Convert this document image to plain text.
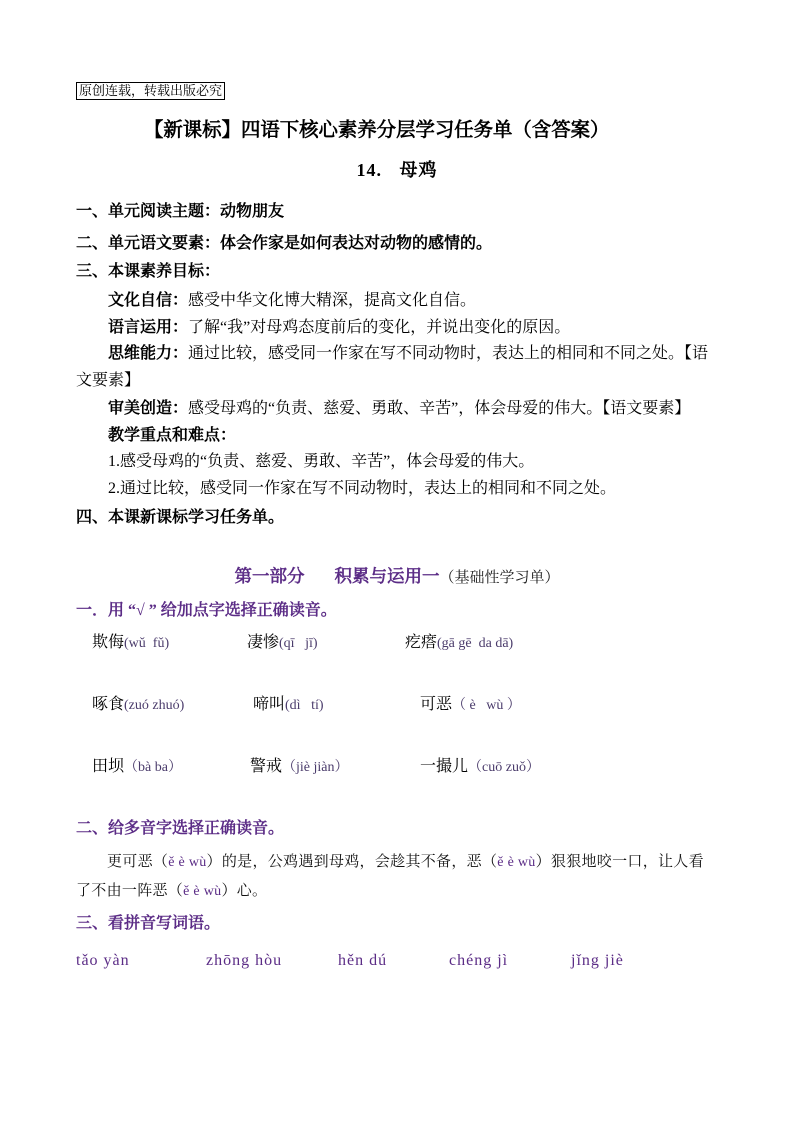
原创连载，转载出版必究
【新课标】四语下核心素养分层学习任务单（含答案）
14. 母鸡
一、单元阅读主题：动物朋友
二、单元语文要素：体会作家是如何表达对动物的感情的。
三、本课素养目标：

文化自信：感受中华文化博大精深，提高文化自信。

语言运用：了解“我”对母鸡态度前后的变化，并说出变化的原因。

思维能力：通过比较，感受同一作家在写不同动物时，表达上的相同和不同之处。【语文要素】

审美创造：感受母鸡的“负责、慈爱、勇敢、辛苦”，体会母爱的伟大。【语文要素】

教学重点和难点：
1.感受母鸡的“负责、慈爱、勇敢、辛苦”，体会母爱的伟大。
2.通过比较，感受同一作家在写不同动物时，表达上的相同和不同之处。
四、本课新课标学习任务单。
第一部分 积累与运用一（基础性学习单）
一．用 “√ ” 给加点字选择正确读音。
欺侮(wǔ  fǔ)	凄惨(qī   jī)	疙瘩(gā gē  da dā)
啄食(zuó zhuó)	啼叫(dì   tí)	可恶（ è   wù ）
田坝（bà ba）	警戒（jiè jiàn）	一撮儿（cuō zuǒ）
二、给多音字选择正确读音。

更可恶（ě è wù）的是，公鸡遇到母鸡，会趁其不备，恶（ě è wù）狠狠地咬一口，让人看了不由一阵恶（ě è wù）心。

三、看拼音写词语。
tǎo yàn	zhōng hòu	hěn dú	chéng jì	jǐng jiè
